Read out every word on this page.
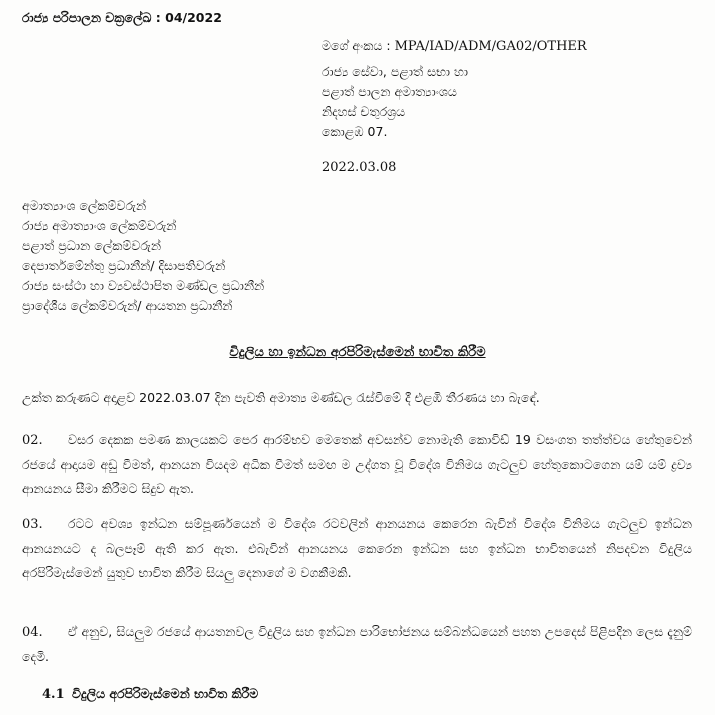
රාජ්‍ය පරිපාලන චක්‍රලේඛ : 04/2022
මගේ අංකය : MPA/IAD/ADM/GA02/OTHER
රාජ්‍ය සේවා, පළාත් සභා හා
පළාත් පාලන අමාත්‍යාංශය
නිදහස් චතුරශ්‍රය
කොළඹ 07.
2022.03.08
අමාත්‍යාංශ ලේකම්වරුන්
රාජ්‍ය අමාත්‍යාංශ ලේකම්වරුන්
පළාත් ප්‍රධාන ලේකම්වරුන්
දෙපාර්තමේන්තු ප්‍රධානීන්/ දිසාපතිවරුන්
රාජ්‍ය සංස්ථා හා ව්‍යවස්ථාපිත මණ්ඩල ප්‍රධානීන්
ප්‍රාදේශීය ලේකම්වරුන්/ ආයතන ප්‍රධානීන්
විදුලිය හා ඉන්ධන අරපිරිමැස්මෙන් භාවිත කිරීම
උක්ත කරුණට අදාළව 2022.03.07 දින පැවති අමාත්‍ය මණ්ඩල රැස්වීමේ දී එළඹි තීරණය හා බැඳේ.
02. වසර දෙකක පමණ කාලයකට පෙර ආරම්භව මෙතෙක් අවසන්ව නොමැති කොවිඩ් 19 වසංගත තත්ත්වය හේතුවෙන් රජයේ ආදායම අඩු වීමත්, ආනයන වියදම අධික වීමත් සමඟ ම උද්ගත වූ විදේශ විනිමය ගැටලුව හේතුකොටගෙන යම් යම් ද්‍රව්‍ය ආනයනය සීමා කිරීමට සිදුව ඇත.
03. රටට අවශ්‍ය ඉන්ධන සම්පූර්ණයෙන් ම විදේශ රටවලින් ආනයනය කෙරෙන බැවින් විදේශ විනිමය ගැටලුව ඉන්ධන ආනයනයට ද බලපෑම් ඇති කර ඇත. එබැවින් ආනයනය කෙරෙන ඉන්ධන සහ ඉන්ධන භාවිතයෙන් නිපදවන විදුලිය අරපිරිමැස්මෙන් යුතුව භාවිත කිරීම සියලු දෙනාගේ ම වගකීමකි.
04. ඒ අනුව, සියලුම රජයේ ආයතනවල විදුලිය සහ ඉන්ධන පාරිභෝජනය සම්බන්ධයෙන් පහත උපදෙස් පිළිපදින ලෙස දැනුම් දෙමි.
4.1 විදුලිය අරපිරිමැස්මෙන් භාවිත කිරීම
